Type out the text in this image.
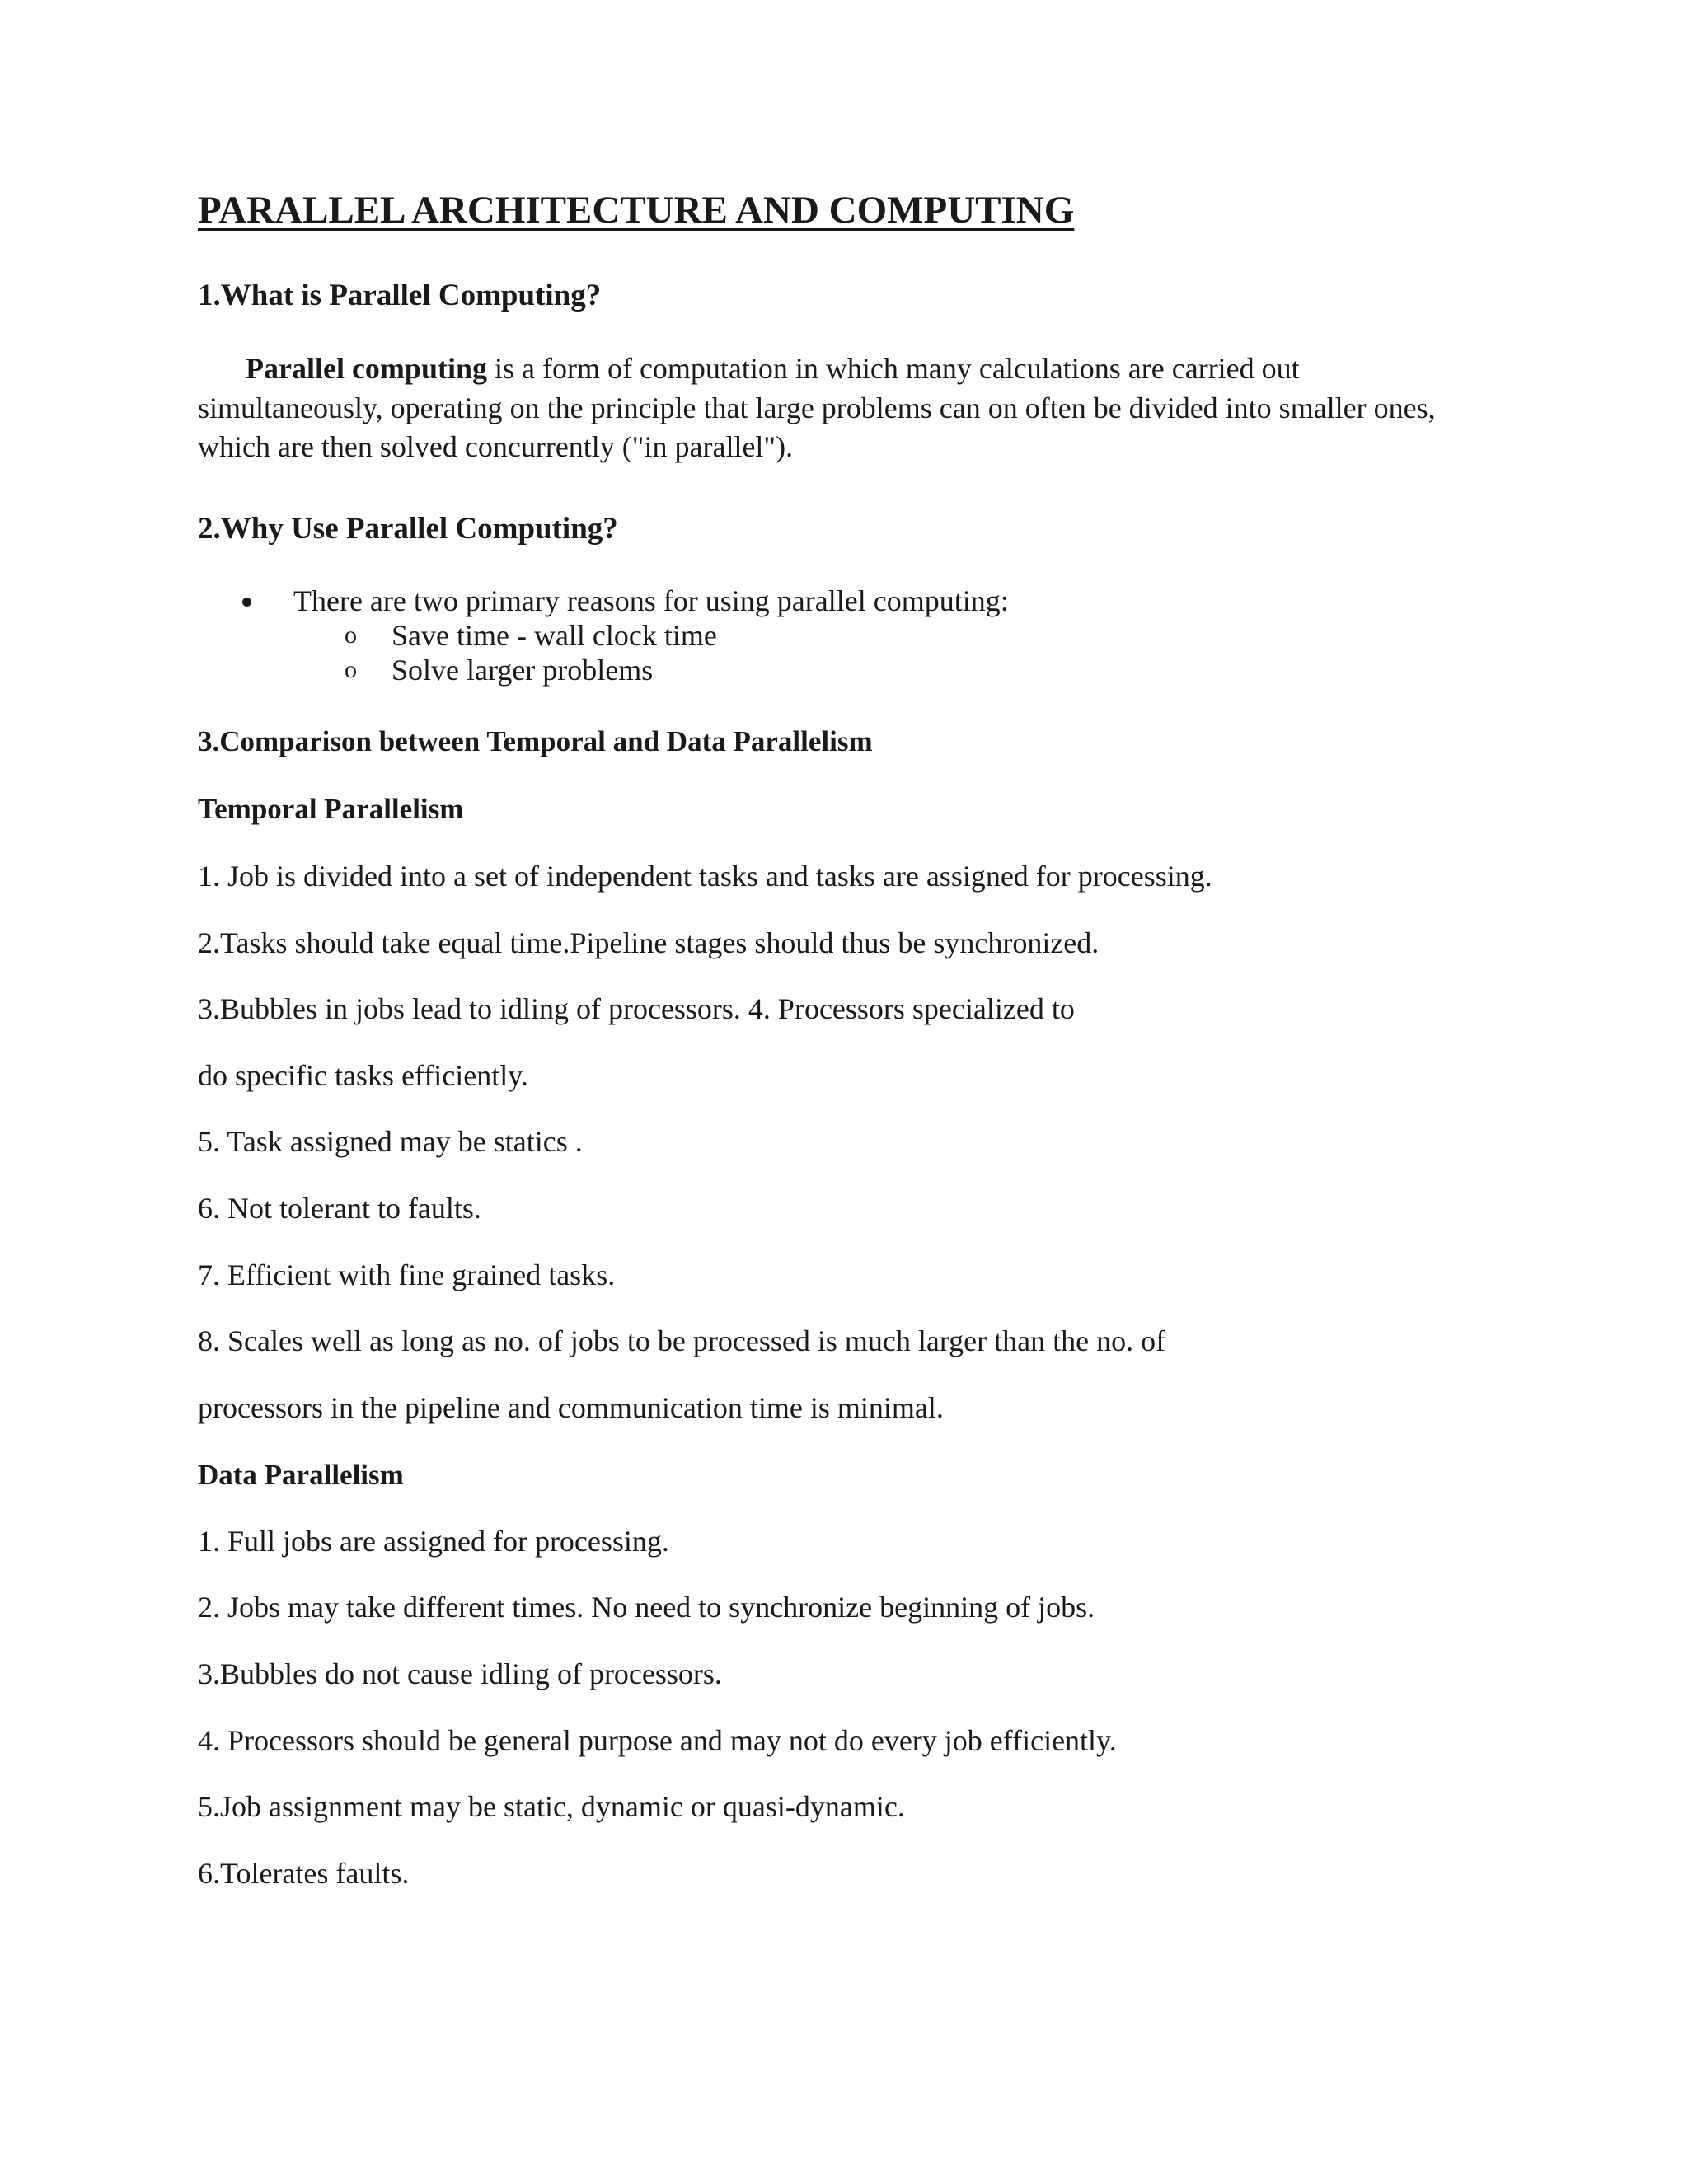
PARALLEL ARCHITECTURE AND COMPUTING
1.What is Parallel Computing?
Parallel computing is a form of computation in which many calculations are carried out
simultaneously, operating on the principle that large problems can on often be divided into smaller ones,
which are then solved concurrently ("in parallel").
2.Why Use Parallel Computing?
There are two primary reasons for using parallel computing:
o Save time - wall clock time
o Solve larger problems
3.Comparison between Temporal and Data Parallelism
Temporal Parallelism
1. Job is divided into a set of independent tasks and tasks are assigned for processing.
2.Tasks should take equal time.Pipeline stages should thus be synchronized.
3.Bubbles in jobs lead to idling of processors. 4. Processors specialized to
do specific tasks efficiently.
5. Task assigned may be statics .
6. Not tolerant to faults.
7. Efficient with fine grained tasks.
8. Scales well as long as no. of jobs to be processed is much larger than the no. of
processors in the pipeline and communication time is minimal.
Data Parallelism
1. Full jobs are assigned for processing.
2. Jobs may take different times. No need to synchronize beginning of jobs.
3.Bubbles do not cause idling of processors.
4. Processors should be general purpose and may not do every job efficiently.
5.Job assignment may be static, dynamic or quasi-dynamic.
6.Tolerates faults.
